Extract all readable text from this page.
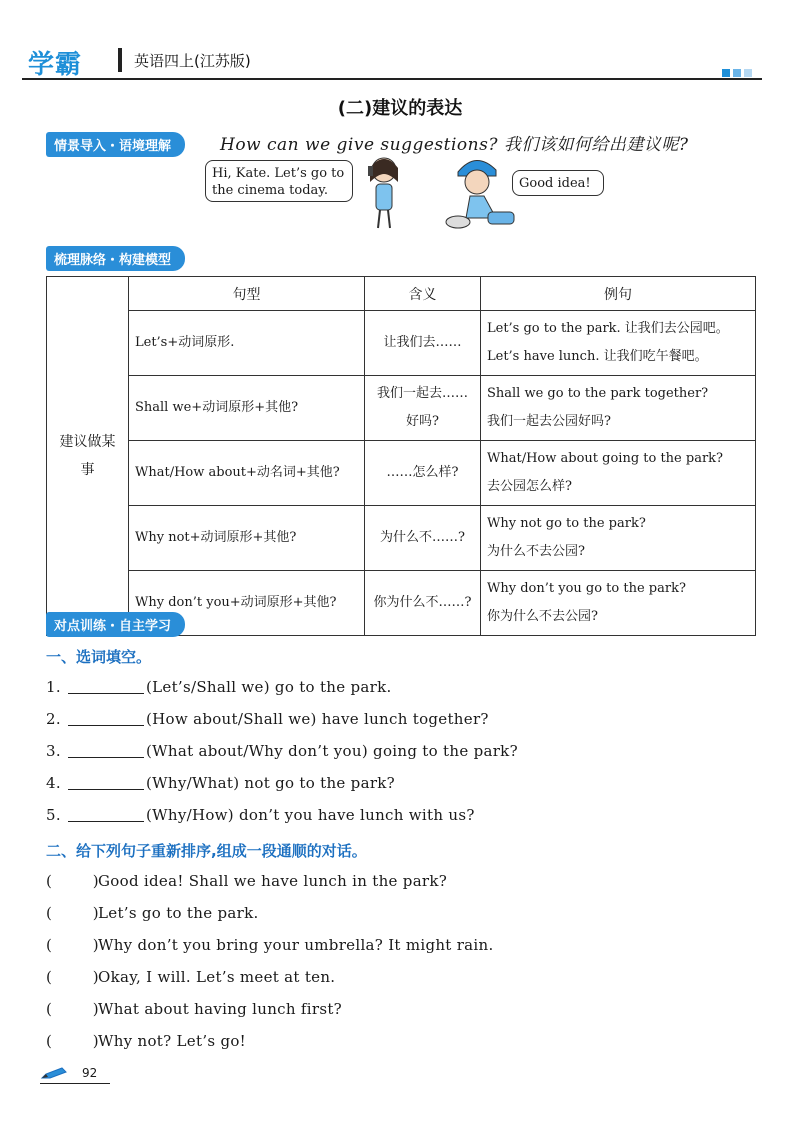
学霸	英语四上(江苏版)
(二)建议的表达
情景导入・语境理解	How can we give suggestions? 我们该如何给出建议呢?
Hi, Kate. Let’s go to the cinema today.	Good idea!
梳理脉络・构建模型
建议做某事	句型	含义	例句
	Let’s+动词原形.	让我们去……	Let’s go to the park. 让我们去公园吧。
Let’s have lunch. 让我们吃午餐吧。

	Shall we+动词原形+其他?	我们一起去……好吗?	Shall we go to the park together?
我们一起去公园好吗?

	What/How about+动名词+其他?	……怎么样?	What/How about going to the park?
去公园怎么样?

	Why not+动词原形+其他?	为什么不……?	Why not go to the park?
为什么不去公园?

	Why don’t you+动词原形+其他?	你为什么不……?	Why don’t you go to the park?
你为什么不去公园?
对点训练・自主学习
一、选词填空。
1.	(Let’s/Shall we) go to the park.
2.	(How about/Shall we) have lunch together?
3.	(What about/Why don’t you) going to the park?
4.	(Why/What) not go to the park?
5.	(Why/How) don’t you have lunch with us?
二、给下列句子重新排序,组成一段通顺的对话。
(        )Good idea! Shall we have lunch in the park?
(        )Let’s go to the park.
(        )Why don’t you bring your umbrella? It might rain.
(        )Okay, I will. Let’s meet at ten.
(        )What about having lunch first?
(        )Why not? Let’s go!
92
